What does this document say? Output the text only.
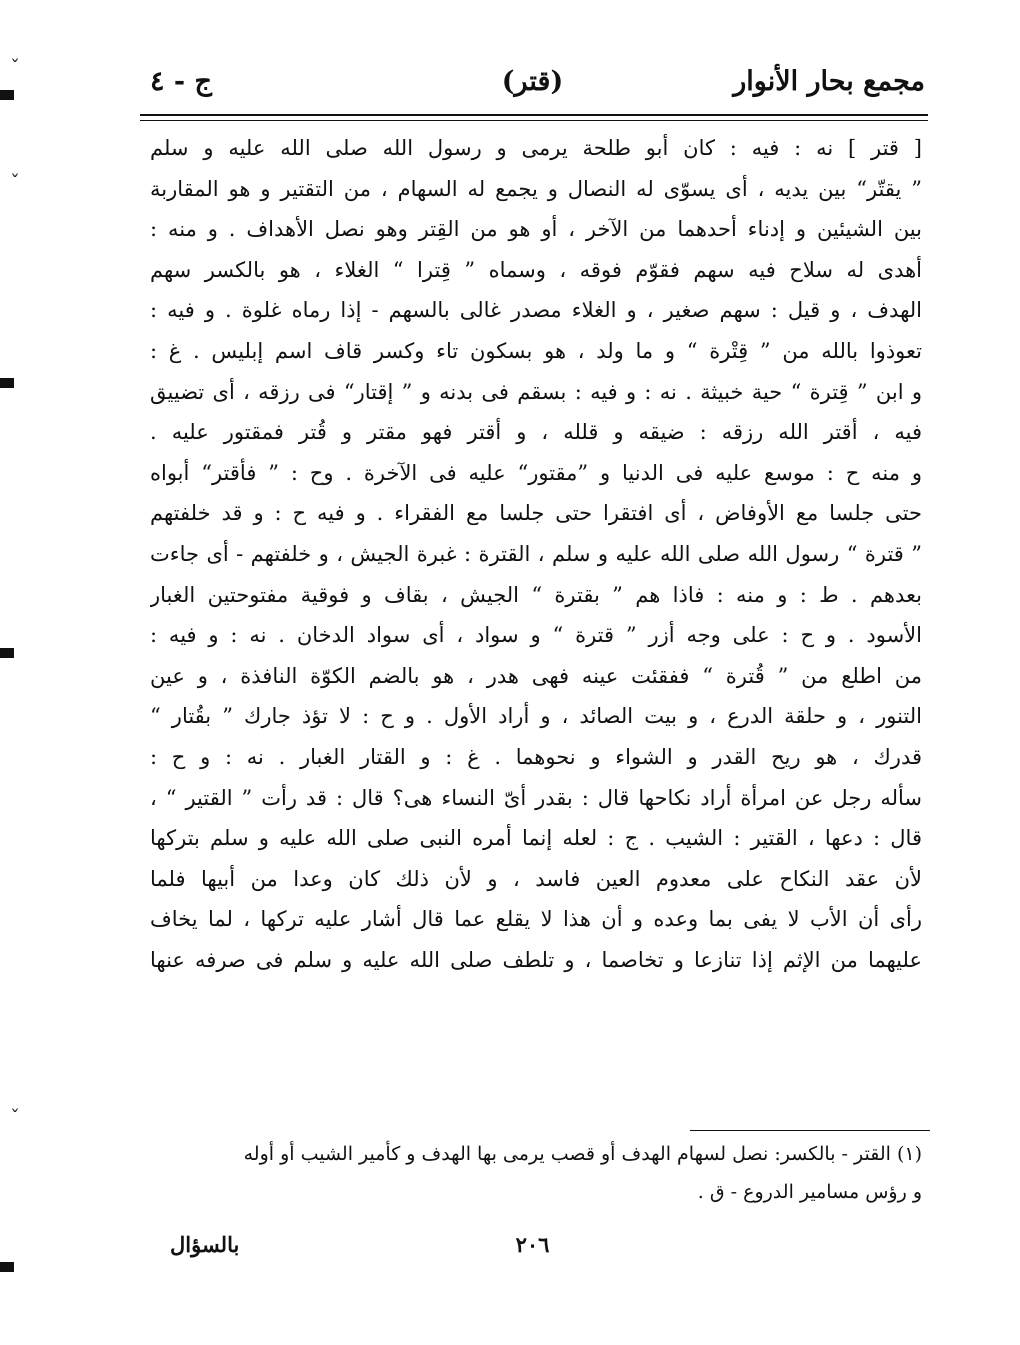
مجمع بحار الأنوار
(قتر)
ج - ٤
[ قتر ] نه : فيه : كان أبو طلحة يرمى و رسول الله صلى الله عليه و سلم
” يقتّر“ بين يديه ، أى يسوّى له النصال و يجمع له السهام ، من التقتير و هو المقاربة
بين الشيئين و إدناء أحدهما من الآخر ، أو هو من القِتر وهو نصل الأهداف . و منه :
أهدى له سلاح فيه سهم فقوّم فوقه ، وسماه ” قِترا “ الغلاء ، هو بالكسر سهم
الهدف ، و قيل : سهم صغير ، و الغلاء مصدر غالى بالسهم - إذا رماه غلوة . و فيه :
تعوذوا بالله من ” قِتْرة “ و ما ولد ، هو بسكون تاء وكسر قاف اسم إبليس . غ :
و ابن ” قِترة “ حية خبيثة . نه : و فيه : بسقم فى بدنه و ” إقتار“ فى رزقه ، أى تضييق
فيه ، أقتر الله رزقه : ضيقه و قلله ، و أقتر فهو مقتر و قُتر فمقتور عليه .
و منه ح : موسع عليه فى الدنيا و ”مقتور“ عليه فى الآخرة . وح : ” فأقتر“ أبواه
حتى جلسا مع الأوفاض ، أى افتقرا حتى جلسا مع الفقراء . و فيه ح : و قد خلفتهم
” قترة “ رسول الله صلى الله عليه و سلم ، القترة : غبرة الجيش ، و خلفتهم - أى جاءت
بعدهم . ط : و منه : فاذا هم ” بقترة “ الجيش ، بقاف و فوقية مفتوحتين الغبار
الأسود . و ح : على وجه أزر ” قترة “ و سواد ، أى سواد الدخان . نه : و فيه :
من اطلع من ” قُترة “ ففقئت عينه فهى هدر ، هو بالضم الكوّة النافذة ، و عين
التنور ، و حلقة الدرع ، و بيت الصائد ، و أراد الأول . و ح : لا تؤذ جارك ” بقُتار “
قدرك ، هو ريح القدر و الشواء و نحوهما . غ : و القتار الغبار . نه : و ح :
سأله رجل عن امرأة أراد نكاحها قال : بقدر أىّ النساء هى؟ قال : قد رأت ” القتير “ ،
قال : دعها ، القتير : الشيب . ج : لعله إنما أمره النبى صلى الله عليه و سلم بتركها
لأن عقد النكاح على معدوم العين فاسد ، و لأن ذلك كان وعدا من أبيها فلما
رأى أن الأب لا يفى بما وعده و أن هذا لا يقلع عما قال أشار عليه تركها ، لما يخاف
عليهما من الإثم إذا تنازعا و تخاصما ، و تلطف صلى الله عليه و سلم فى صرفه عنها
(١) القتر - بالكسر: نصل لسهام الهدف أو قصب يرمى بها الهدف و كأمير الشيب أو أوله
و رؤس مسامير الدروع - ق .
٢٠٦
بالسؤال
ˇ
ˇ
ˇ
